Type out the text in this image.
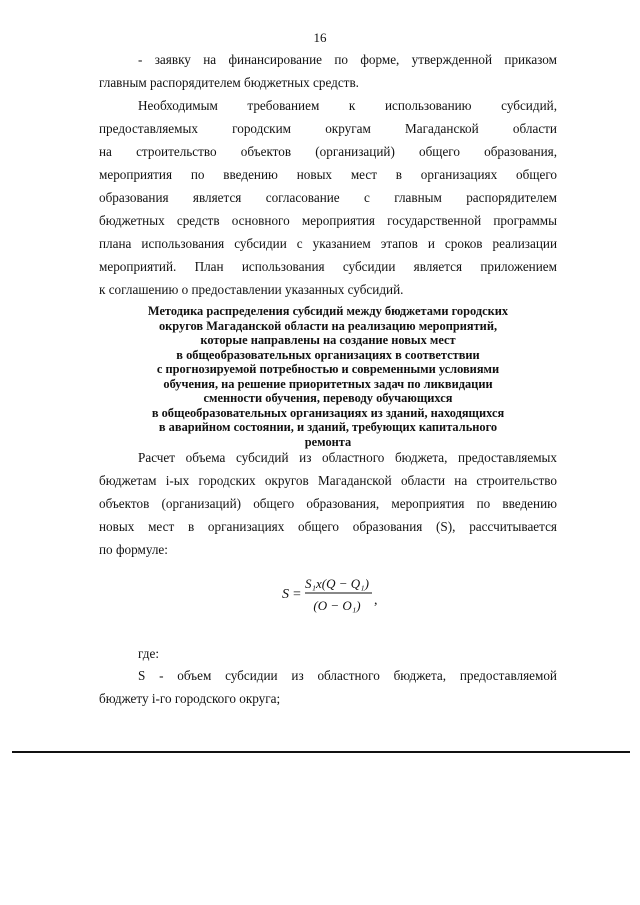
16

- заявку на финансирование по форме, утвержденной приказом

главным распорядителем бюджетных средств.

Необходимым требованием к использованию субсидий,

предоставляемых городским округам Магаданской области

на строительство объектов (организаций) общего образования,

мероприятия по введению новых мест в организациях общего

образования является согласование с главным распорядителем

бюджетных средств основного мероприятия государственной программы

плана использования субсидии с указанием этапов и сроков реализации

мероприятий. План использования субсидии является приложением

к соглашению о предоставлении указанных субсидий.

Методика распределения субсидий между бюджетами городских
округов Магаданской области на реализацию мероприятий,
которые направлены на создание новых мест
в общеобразовательных организациях в соответствии
с прогнозируемой потребностью и современными условиями
обучения, на решение приоритетных задач по ликвидации
сменности обучения, переводу обучающихся
в общеобразовательных организациях из зданий, находящихся
в аварийном состоянии, и зданий, требующих капитального
ремонта

Расчет объема субсидий из областного бюджета, предоставляемых

бюджетам i-ых городских округов Магаданской области на строительство

объектов (организаций) общего образования, мероприятия по введению

новых мест в организациях общего образования (S), рассчитывается

по формуле:

S =
S₁x(Q − Q₁)
(O − O₁) ,

где:

S - объем субсидии из областного бюджета, предоставляемой

бюджету i-го городского округа;
